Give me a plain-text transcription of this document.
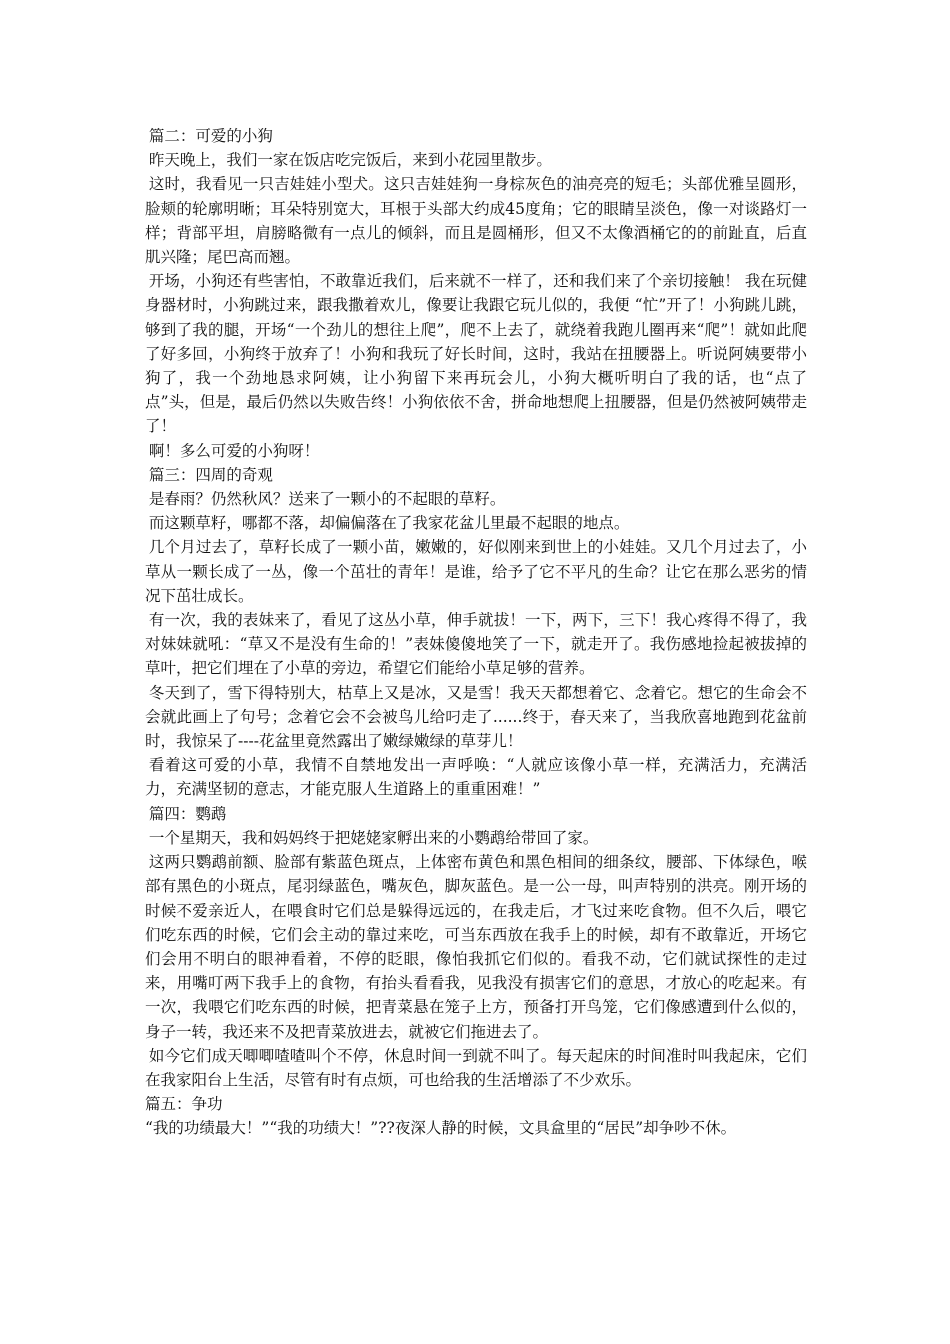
篇二：可爱的小狗

昨天晚上，我们一家在饭店吃完饭后，来到小花园里散步。

这时，我看见一只吉娃娃小型犬。这只吉娃娃狗一身棕灰色的油亮亮的短毛；头部优雅呈圆形，脸颊的轮廓明晰；耳朵特别宽大，耳根于头部大约成45度角；它的眼睛呈淡色，像一对谈路灯一样；背部平坦，肩膀略微有一点儿的倾斜，而且是圆桶形，但又不太像酒桶它的的前趾直，后直肌兴隆；尾巴高而翘。

开场，小狗还有些害怕，不敢靠近我们，后来就不一样了，还和我们来了个亲切接触！ 我在玩健身器材时，小狗跳过来，跟我撒着欢儿，像要让我跟它玩儿似的，我便 “忙”开了！小狗跳儿跳，够到了我的腿，开场“一个劲儿的想往上爬”，爬不上去了，就绕着我跑儿圈再来“爬”！就如此爬了好多回，小狗终于放弃了！小狗和我玩了好长时间，这时，我站在扭腰器上。听说阿姨要带小狗了，我一个劲地恳求阿姨，让小狗留下来再玩会儿，小狗大概听明白了我的话，也“点了点”头，但是，最后仍然以失败告终！小狗依依不舍，拼命地想爬上扭腰器，但是仍然被阿姨带走了！

啊！多么可爱的小狗呀！

篇三：四周的奇观

是春雨？仍然秋风？送来了一颗小的不起眼的草籽。

而这颗草籽，哪都不落，却偏偏落在了我家花盆儿里最不起眼的地点。

几个月过去了，草籽长成了一颗小苗，嫩嫩的，好似刚来到世上的小娃娃。又几个月过去了，小草从一颗长成了一丛，像一个茁壮的青年！是谁，给予了它不平凡的生命？让它在那么恶劣的情况下茁壮成长。

有一次，我的表妹来了，看见了这丛小草，伸手就拔！一下，两下，三下！我心疼得不得了，我对妹妹就吼：“草又不是没有生命的！”表妹傻傻地笑了一下，就走开了。我伤感地捡起被拔掉的草叶，把它们埋在了小草的旁边，希望它们能给小草足够的营养。

冬天到了，雪下得特别大，枯草上又是冰，又是雪！我天天都想着它、念着它。想它的生命会不会就此画上了句号；念着它会不会被鸟儿给叼走了......终于，春天来了，当我欣喜地跑到花盆前时，我惊呆了----花盆里竟然露出了嫩绿嫩绿的草芽儿！

看着这可爱的小草，我情不自禁地发出一声呼唤：“人就应该像小草一样，充满活力，充满活力，充满坚韧的意志，才能克服人生道路上的重重困难！”

篇四：鹦鹉

一个星期天，我和妈妈终于把姥姥家孵出来的小鹦鹉给带回了家。

这两只鹦鹉前额、脸部有紫蓝色斑点，上体密布黄色和黑色相间的细条纹，腰部、下体绿色，喉部有黑色的小斑点，尾羽绿蓝色，嘴灰色，脚灰蓝色。是一公一母，叫声特别的洪亮。刚开场的时候不爱亲近人，在喂食时它们总是躲得远远的，在我走后，才飞过来吃食物。但不久后，喂它们吃东西的时候，它们会主动的靠过来吃，可当东西放在我手上的时候，却有不敢靠近，开场它们会用不明白的眼神看着，不停的眨眼，像怕我抓它们似的。看我不动，它们就试探性的走过来，用嘴叮两下我手上的食物，有抬头看看我，见我没有损害它们的意思，才放心的吃起来。有一次，我喂它们吃东西的时候，把青菜悬在笼子上方，预备打开鸟笼，它们像感遭到什么似的，身子一转，我还来不及把青菜放进去，就被它们拖进去了。

如今它们成天唧唧喳喳叫个不停，休息时间一到就不叫了。每天起床的时间准时叫我起床，它们在我家阳台上生活，尽管有时有点烦，可也给我的生活增添了不少欢乐。

篇五：争功

“我的功绩最大！”“我的功绩大！”??夜深人静的时候，文具盒里的“居民”却争吵不休。
